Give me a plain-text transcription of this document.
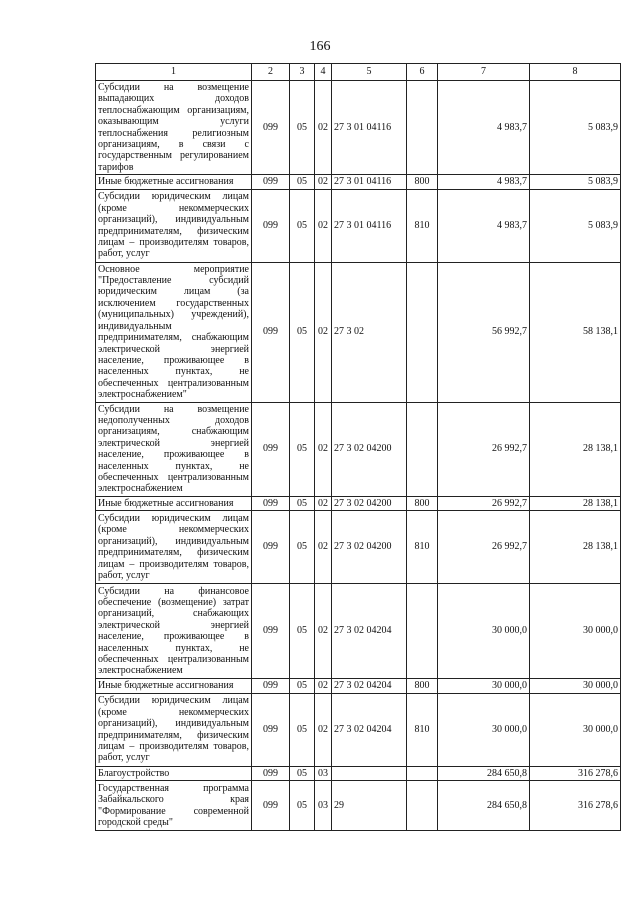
166
1	2	3	4	5	6	7	8
Субсидии на возмещение выпадающих доходов теплоснабжающим организациям, оказывающим услуги теплоснабжения религиозным организациям, в связи с государственным регулированием тарифов	099	05	02	27 3 01 04116		4 983,7	5 083,9
Иные бюджетные ассигнования	099	05	02	27 3 01 04116	800	4 983,7	5 083,9
Субсидии юридическим лицам (кроме некоммерческих организаций), индивидуальным предпринимателям, физическим лицам – производителям товаров, работ, услуг	099	05	02	27 3 01 04116	810	4 983,7	5 083,9
Основное мероприятие "Предоставление субсидий юридическим лицам (за исключением государственных (муниципальных) учреждений), индивидуальным предпринимателям, снабжающим электрической энергией население, проживающее в населенных пунктах, не обеспеченных централизованным электроснабжением"	099	05	02	27 3 02		56 992,7	58 138,1
Субсидии на возмещение недополученных доходов организациям, снабжающим электрической энергией население, проживающее в населенных пунктах, не обеспеченных централизованным электроснабжением	099	05	02	27 3 02 04200		26 992,7	28 138,1
Иные бюджетные ассигнования	099	05	02	27 3 02 04200	800	26 992,7	28 138,1
Субсидии юридическим лицам (кроме некоммерческих организаций), индивидуальным предпринимателям, физическим лицам – производителям товаров, работ, услуг	099	05	02	27 3 02 04200	810	26 992,7	28 138,1
Субсидии на финансовое обеспечение (возмещение) затрат организаций, снабжающих электрической энергией население, проживающее в населенных пунктах, не обеспеченных централизованным электроснабжением	099	05	02	27 3 02 04204		30 000,0	30 000,0
Иные бюджетные ассигнования	099	05	02	27 3 02 04204	800	30 000,0	30 000,0
Субсидии юридическим лицам (кроме некоммерческих организаций), индивидуальным предпринимателям, физическим лицам – производителям товаров, работ, услуг	099	05	02	27 3 02 04204	810	30 000,0	30 000,0
Благоустройство	099	05	03			284 650,8	316 278,6
Государственная программа Забайкальского края "Формирование современной городской среды"	099	05	03	29		284 650,8	316 278,6
